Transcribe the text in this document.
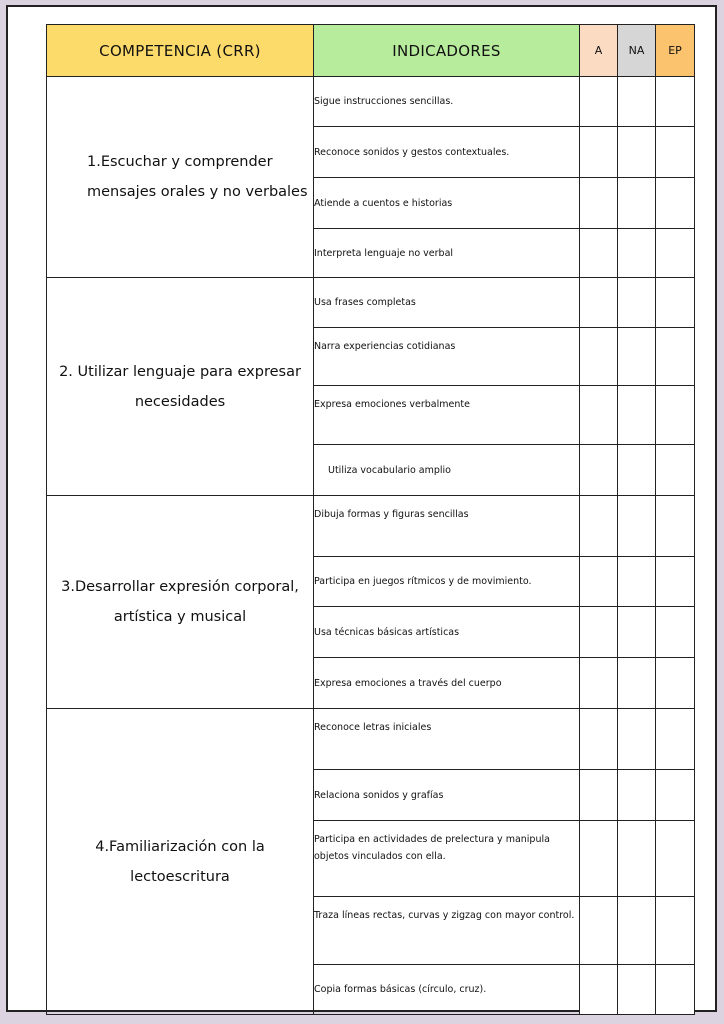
COMPETENCIA (CRR)	INDICADORES	A	NA	EP
1.Escuchar y comprender mensajes orales y no verbales	Sigue instrucciones sencillas.			
	Reconoce sonidos y gestos contextuales.			
	Atiende a cuentos e historias			
	Interpreta lenguaje no verbal			
2. Utilizar lenguaje para expresar necesidades	Usa frases completas			
	Narra experiencias cotidianas			
	Expresa emociones verbalmente			
	Utiliza vocabulario amplio			
3.Desarrollar expresión corporal, artística y musical	Dibuja formas y figuras sencillas			
	Participa en juegos rítmicos y de movimiento.			
	Usa técnicas básicas artísticas			
	Expresa emociones a través del cuerpo			
4.Familiarización con la lectoescritura	Reconoce letras iniciales			
	Relaciona sonidos y grafías			
	Participa en actividades de prelectura y manipula objetos vinculados con ella.			
	Traza líneas rectas, curvas y zigzag con mayor control.			
	Copia formas básicas (círculo, cruz).			
